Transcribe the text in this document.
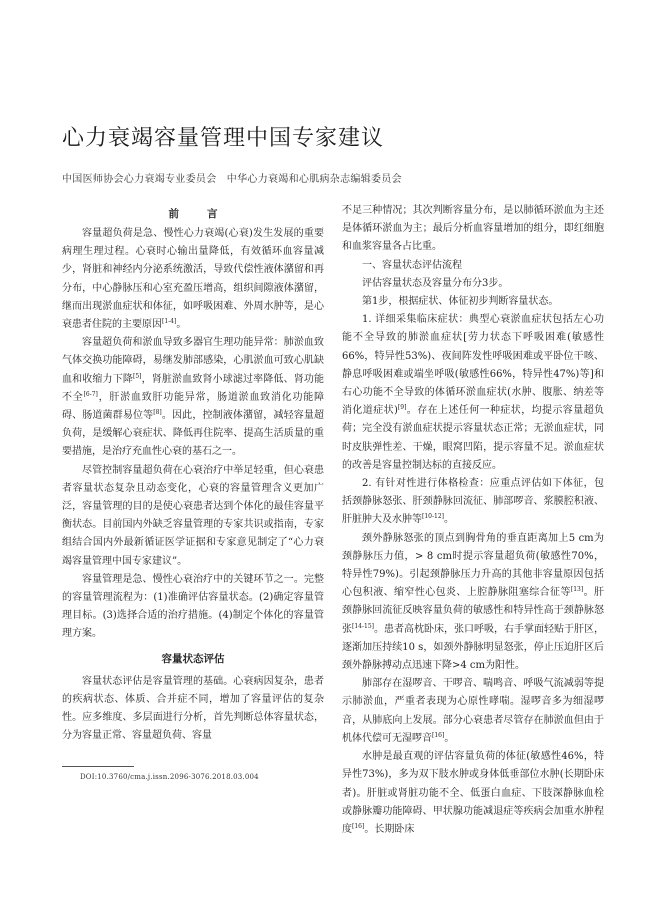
心力衰竭容量管理中国专家建议
中国医师协会心力衰竭专业委员会　中华心力衰竭和心肌病杂志编辑委员会
前言

容量超负荷是急、慢性心力衰竭(心衰)发生发展的重要病理生理过程。心衰时心输出量降低，有效循环血容量减少，肾脏和神经内分泌系统激活，导致代偿性液体潴留和再分布，中心静脉压和心室充盈压增高，组织间隙液体潴留，继而出现淤血症状和体征，如呼吸困难、外周水肿等，是心衰患者住院的主要原因[1-4]。

容量超负荷和淤血导致多器官生理功能异常：肺淤血致气体交换功能障碍，易继发肺部感染，心肌淤血可致心肌缺血和收缩力下降[5]，肾脏淤血致肾小球滤过率降低、肾功能不全[6-7]，肝淤血致肝功能异常，肠道淤血致消化功能障碍、肠道菌群易位等[8]。因此，控制液体潴留，减轻容量超负荷，是缓解心衰症状、降低再住院率、提高生活质量的重要措施，是治疗充血性心衰的基石之一。

尽管控制容量超负荷在心衰治疗中举足轻重，但心衰患者容量状态复杂且动态变化，心衰的容量管理含义更加广泛，容量管理的目的是使心衰患者达到个体化的最佳容量平衡状态。目前国内外缺乏容量管理的专家共识或指南，专家组结合国内外最新循证医学证据和专家意见制定了“心力衰竭容量管理中国专家建议”。

容量管理是急、慢性心衰治疗中的关键环节之一。完整的容量管理流程为：(1)准确评估容量状态。(2)确定容量管理目标。(3)选择合适的治疗措施。(4)制定个体化的容量管理方案。

容量状态评估

容量状态评估是容量管理的基础。心衰病因复杂，患者的疾病状态、体质、合并症不同，增加了容量评估的复杂性。应多维度、多层面进行分析，首先判断总体容量状态，分为容量正常、容量超负荷、容量

不足三种情况；其次判断容量分布，是以肺循环淤血为主还是体循环淤血为主；最后分析血容量增加的组分，即红细胞和血浆容量各占比重。

一、容量状态评估流程

评估容量状态及容量分布分3步。

第1步，根据症状、体征初步判断容量状态。

1. 详细采集临床症状：典型心衰淤血症状包括左心功能不全导致的肺淤血症状[劳力状态下呼吸困难(敏感性66%，特异性53%)、夜间阵发性呼吸困难或平卧位干咳、静息呼吸困难或端坐呼吸(敏感性66%，特异性47%)等]和右心功能不全导致的体循环淤血症状(水肿、腹胀、纳差等消化道症状)[9]。存在上述任何一种症状，均提示容量超负荷；完全没有淤血症状提示容量状态正常；无淤血症状，同时皮肤弹性差、干燥，眼窝凹陷，提示容量不足。淤血症状的改善是容量控制达标的直接反应。

2. 有针对性进行体格检查：应重点评估如下体征，包括颈静脉怒张、肝颈静脉回流征、肺部啰音、浆膜腔积液、肝脏肿大及水肿等[10-12]。

颈外静脉怒张的顶点到胸骨角的垂直距离加上5 cm为颈静脉压力值，> 8 cm时提示容量超负荷(敏感性70%，特异性79%)。引起颈静脉压力升高的其他非容量原因包括心包积液、缩窄性心包炎、上腔静脉阻塞综合征等[13]。肝颈静脉回流征反映容量负荷的敏感性和特异性高于颈静脉怒张[14-15]。患者高枕卧床，张口呼吸，右手掌面轻贴于肝区，逐渐加压持续10 s，如颈外静脉明显怒张，停止压迫肝区后颈外静脉搏动点迅速下降>4 cm为阳性。

肺部存在湿啰音、干啰音、喘鸣音、呼吸气流减弱等提示肺淤血，严重者表现为心原性哮喘。湿啰音多为细湿啰音，从肺底向上发展。部分心衰患者尽管存在肺淤血但由于机体代偿可无湿啰音[16]。

水肿是最直观的评估容量负荷的体征(敏感性46%，特异性73%)，多为双下肢水肿或身体低垂部位水肿(长期卧床者)。肝脏或肾脏功能不全、低蛋白血症、下肢深静脉血栓或静脉瓣功能障碍、甲状腺功能减退症等疾病会加重水肿程度[16]。长期卧床

DOI:10.3760/cma.j.issn.2096-3076.2018.03.004
